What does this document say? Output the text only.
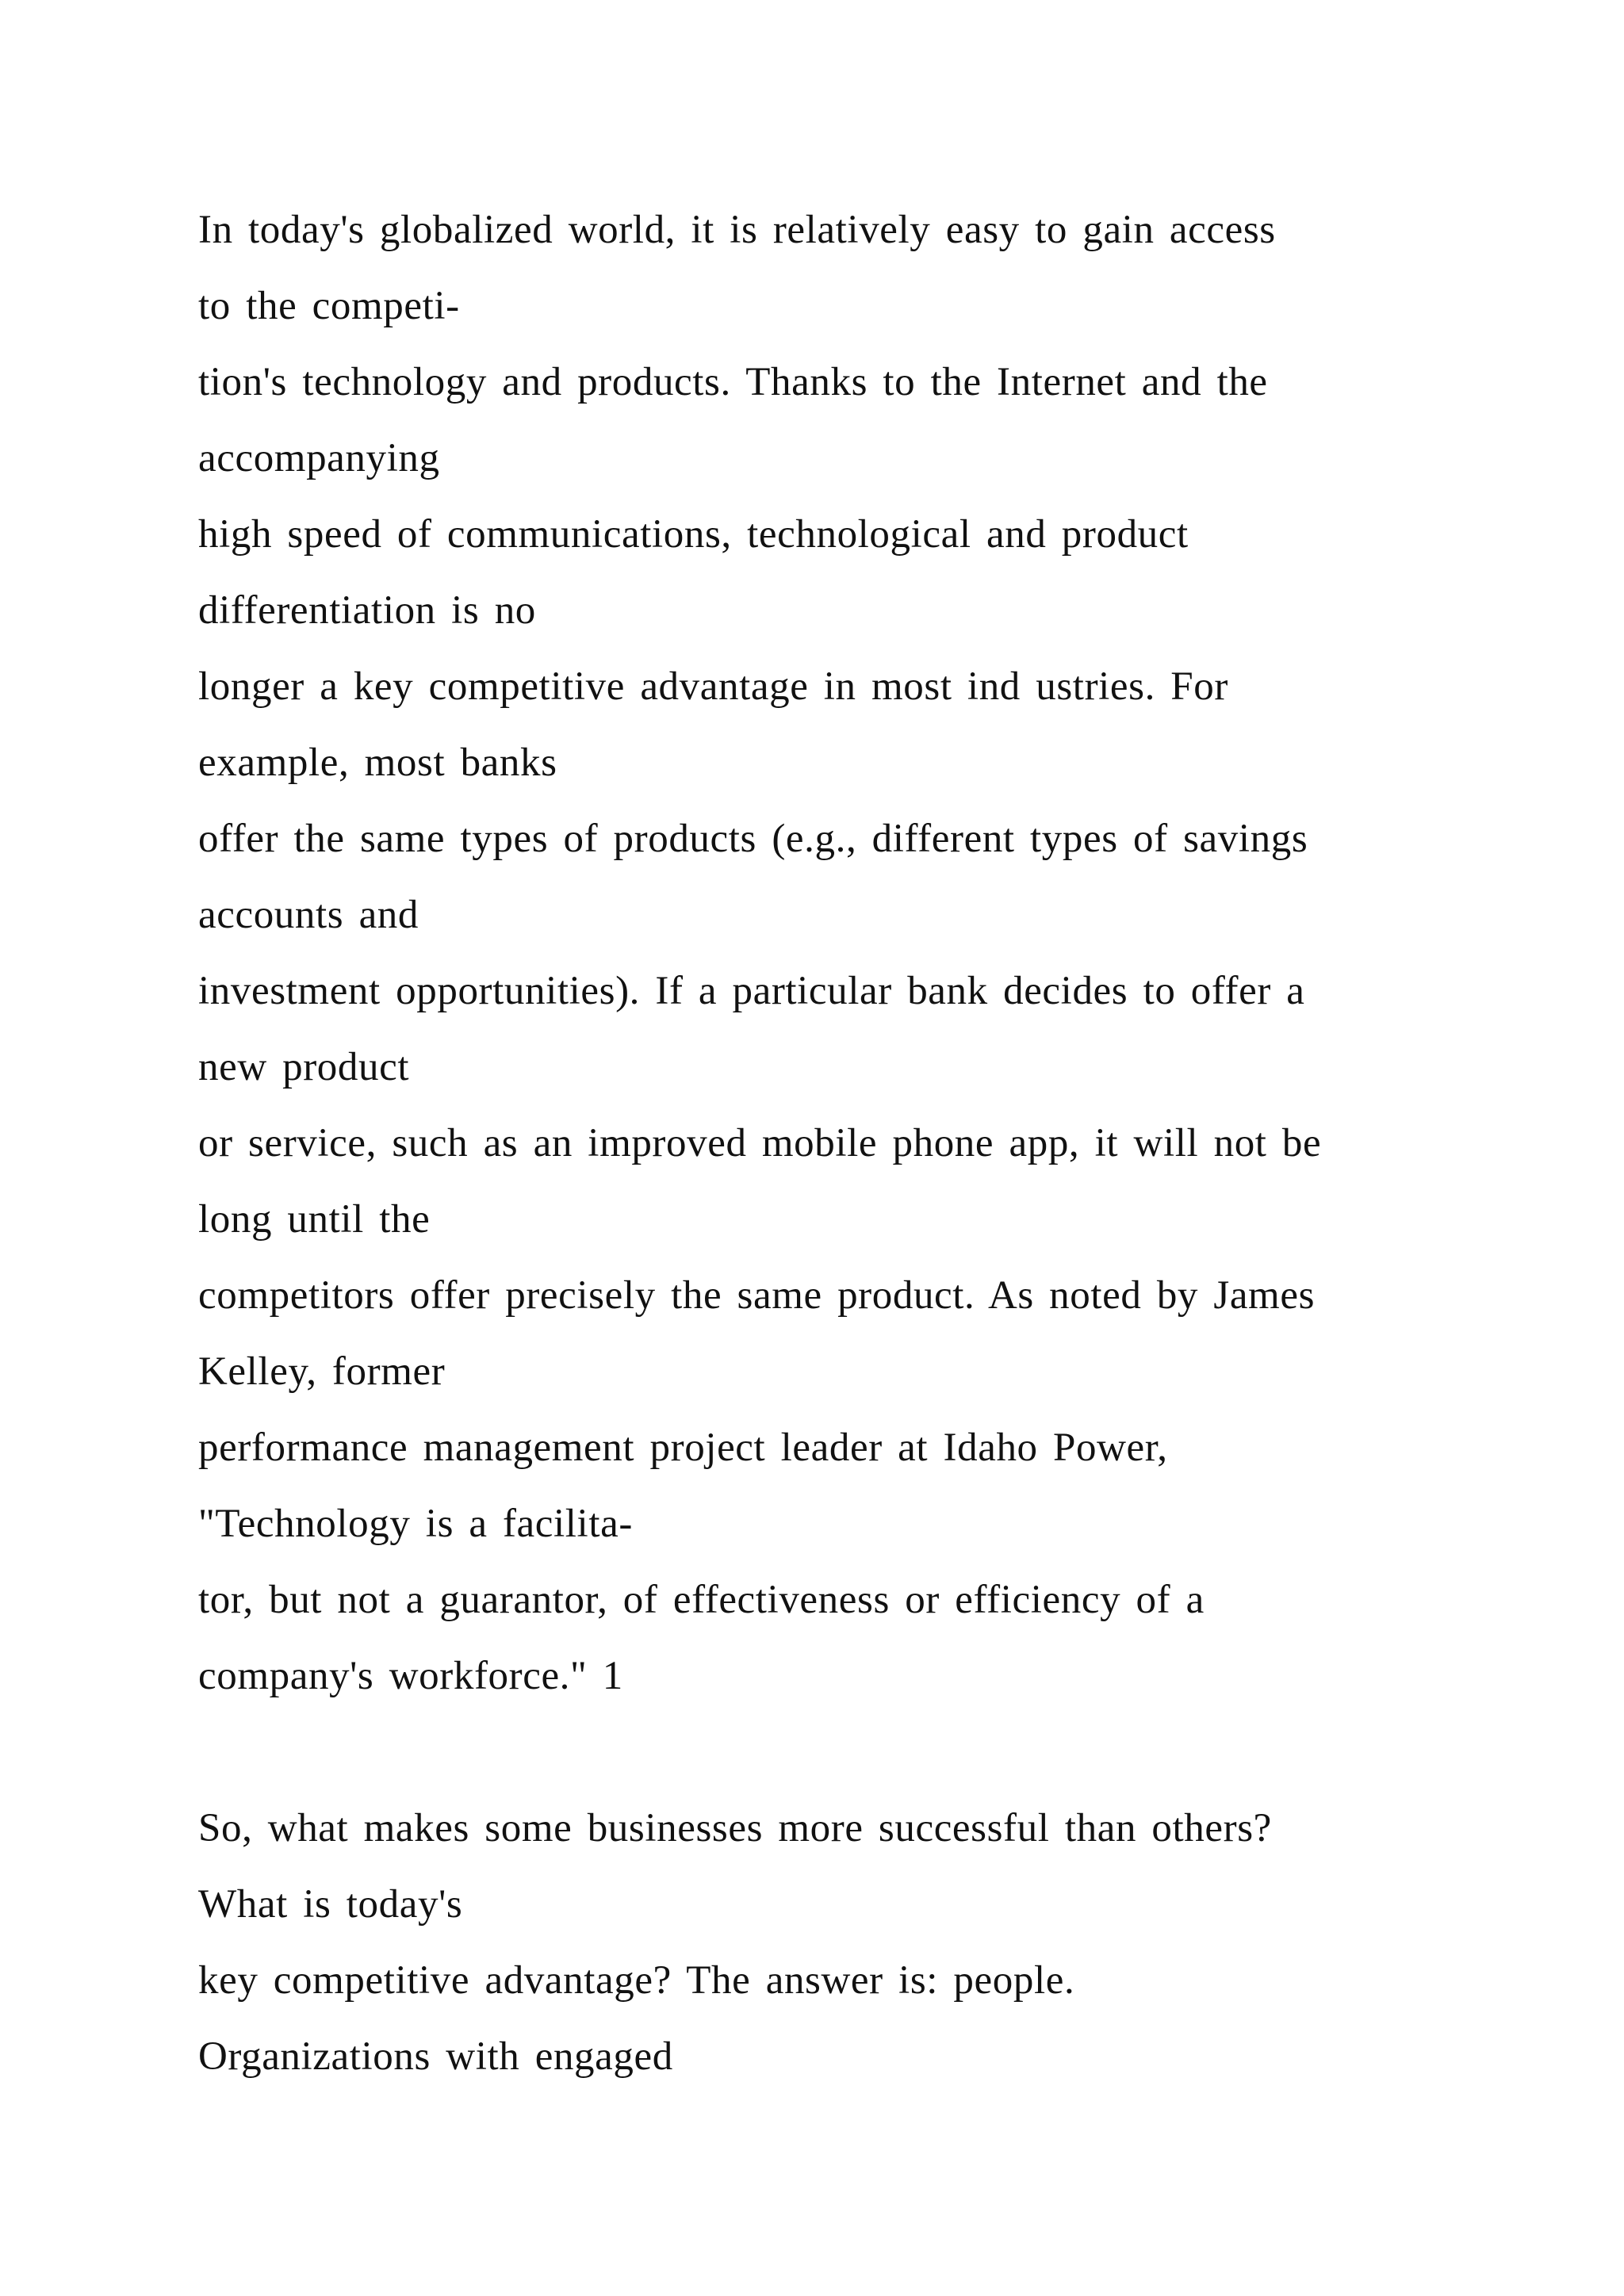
In today's globalized world, it is relatively easy to gain access
to the competi-
tion's technology and products. Thanks to the Internet and the
accompanying
high speed of communications, technological and product
differentiation is no
longer a key competitive advantage in most ind ustries. For
example, most banks
offer the same types of products (e.g., different types of savings
accounts and
investment opportunities). If a particular bank decides to offer a
new product
or service, such as an improved mobile phone app, it will not be
long until the
competitors offer precisely the same product. As noted by James
Kelley, former
performance management project leader at Idaho Power,
"Technology is a facilita-
tor, but not a guarantor, of effectiveness or efficiency of a
company's workforce." 1
So, what makes some businesses more successful than others?
What is today's
key competitive advantage? The answer is: people.
Organizations with engaged
